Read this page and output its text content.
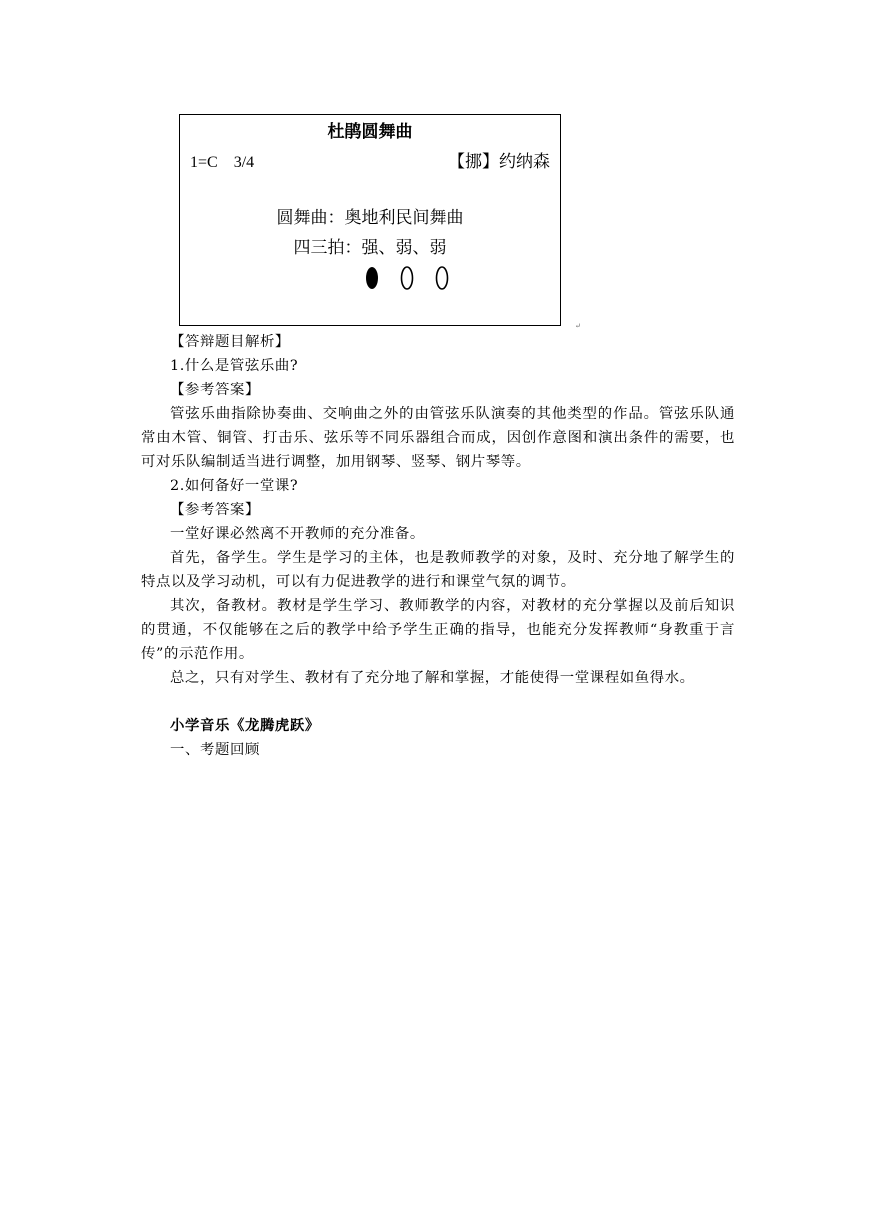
杜鹃圆舞曲
1=C　3/4	【挪】约纳森
圆舞曲：奥地利民间舞曲
四三拍：强、弱、弱
↵

【答辩题目解析】

1.什么是管弦乐曲?

【参考答案】

管弦乐曲指除协奏曲、交响曲之外的由管弦乐队演奏的其他类型的作品。管弦乐队通常由木管、铜管、打击乐、弦乐等不同乐器组合而成，因创作意图和演出条件的需要，也可对乐队编制适当进行调整，加用钢琴、竖琴、钢片琴等。

2.如何备好一堂课?

【参考答案】

一堂好课必然离不开教师的充分准备。

首先，备学生。学生是学习的主体，也是教师教学的对象，及时、充分地了解学生的特点以及学习动机，可以有力促进教学的进行和课堂气氛的调节。

其次，备教材。教材是学生学习、教师教学的内容，对教材的充分掌握以及前后知识的贯通，不仅能够在之后的教学中给予学生正确的指导，也能充分发挥教师“身教重于言传”的示范作用。

总之，只有对学生、教材有了充分地了解和掌握，才能使得一堂课程如鱼得水。

小学音乐《龙腾虎跃》

一、考题回顾
